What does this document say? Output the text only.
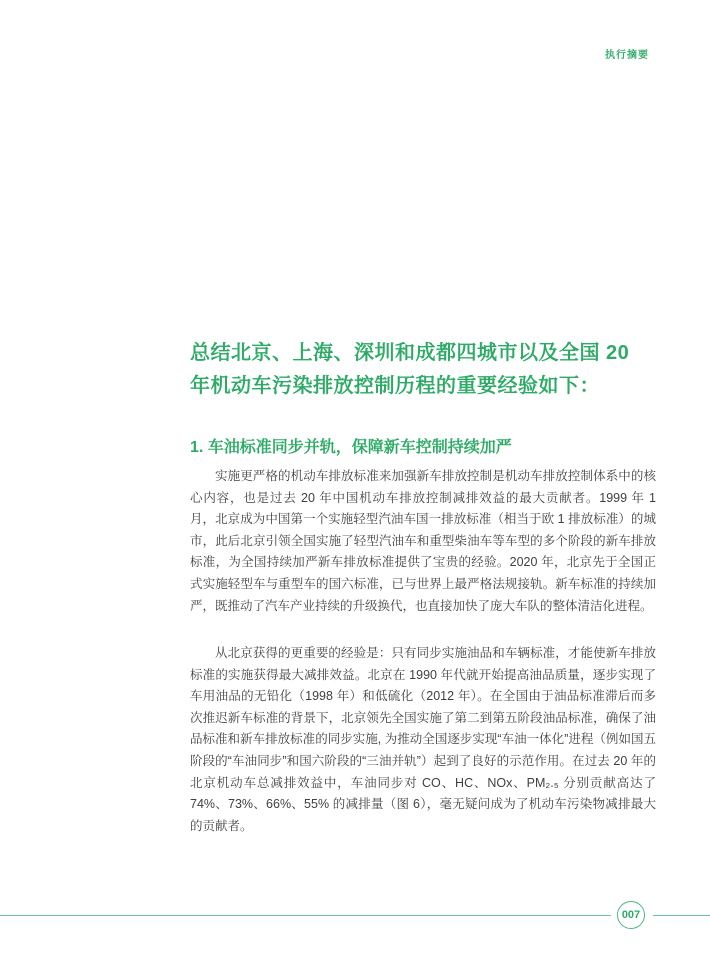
执行摘要
总结北京、上海、深圳和成都四城市以及全国 20 年机动车污染排放控制历程的重要经验如下：
1. 车油标准同步并轨，保障新车控制持续加严

实施更严格的机动车排放标准来加强新车排放控制是机动车排放控制体系中的核心内容，也是过去 20 年中国机动车排放控制减排效益的最大贡献者。1999 年 1 月，北京成为中国第一个实施轻型汽油车国一排放标准（相当于欧 1 排放标准）的城市，此后北京引领全国实施了轻型汽油车和重型柴油车等车型的多个阶段的新车排放标准，为全国持续加严新车排放标准提供了宝贵的经验。2020 年，北京先于全国正式实施轻型车与重型车的国六标准，已与世界上最严格法规接轨。新车标准的持续加严，既推动了汽车产业持续的升级换代，也直接加快了庞大车队的整体清洁化进程。

从北京获得的更重要的经验是：只有同步实施油品和车辆标准，才能使新车排放标准的实施获得最大减排效益。北京在 1990 年代就开始提高油品质量，逐步实现了车用油品的无铅化（1998 年）和低硫化（2012 年）。在全国由于油品标准滞后而多次推迟新车标准的背景下，北京领先全国实施了第二到第五阶段油品标准，确保了油品标准和新车排放标准的同步实施, 为推动全国逐步实现“车油一体化”进程（例如国五阶段的“车油同步”和国六阶段的“三油并轨”）起到了良好的示范作用。在过去 20 年的北京机动车总减排效益中，车油同步对 CO、HC、NOx、PM₂.₅ 分别贡献高达了 74%、73%、66%、55% 的减排量（图 6），毫无疑问成为了机动车污染物减排最大的贡献者。

007
